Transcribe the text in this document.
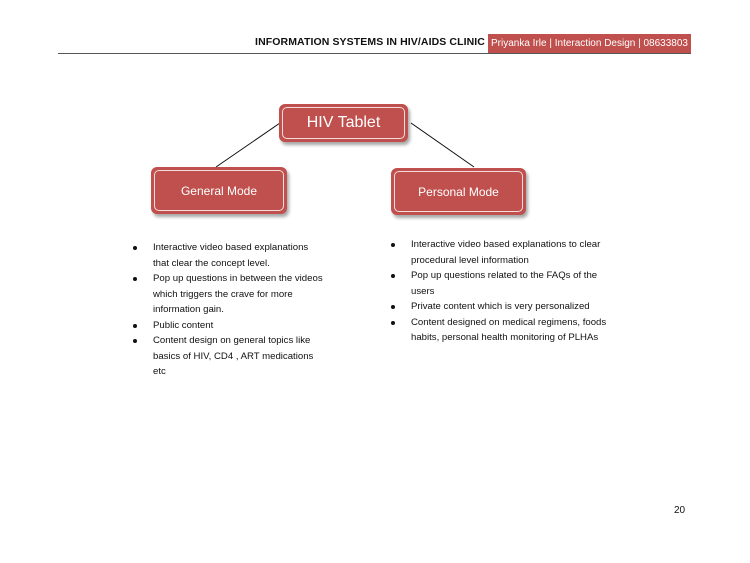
INFORMATION SYSTEMS IN HIV/AIDS CLINIC Priyanka Irle | Interaction Design | 08633803
HIV Tablet
General Mode	Personal Mode
Interactive video based explanations that clear the concept level.
Pop up questions in between the videos which triggers the crave for more information gain.
Public content
Content design on general topics like basics of HIV, CD4 , ART medications etc
Interactive video based explanations to clear procedural level information
Pop up questions related to the FAQs of the users
Private content which is very personalized
Content designed on medical regimens, foods habits, personal health monitoring of PLHAs
20
